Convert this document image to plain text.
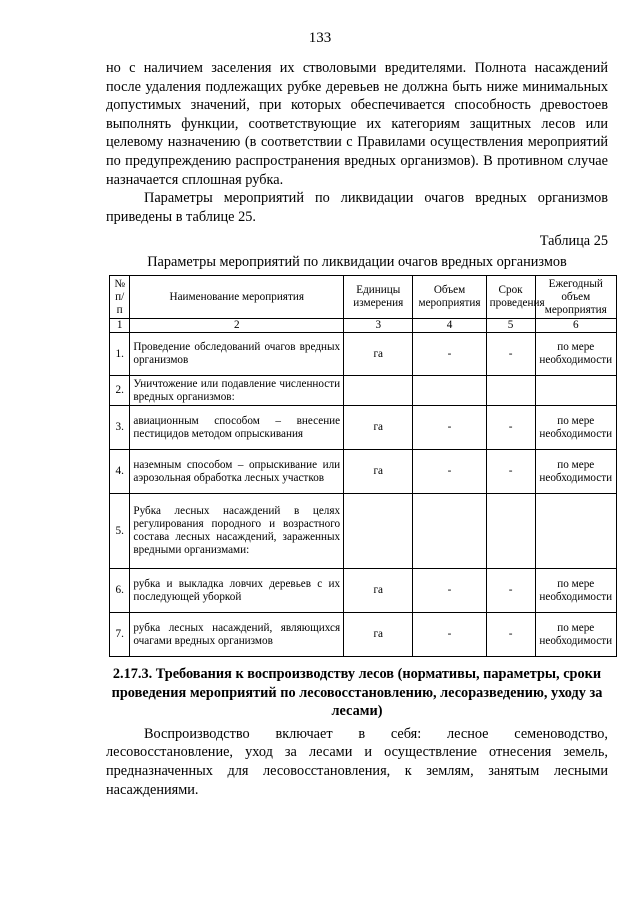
133

но с наличием заселения их стволовыми вредителями. Полнота насаждений после удаления подлежащих рубке деревьев не должна быть ниже минимальных допустимых значений, при которых обеспечивается способность древостоев выполнять функции, соответствующие их категориям защитных лесов или целевому назначению (в соответствии с Правилами осуществления мероприятий по предупреждению распространения вредных организмов). В противном случае назначается сплошная рубка.

Параметры мероприятий по ликвидации очагов вредных организмов приведены в таблице 25.

Таблица 25
Параметры мероприятий по ликвидации очагов вредных организмов
№ п/п	Наименование мероприятия	Единицы измерения	Объем мероприятия	Срок проведения	Ежегодный объем мероприятия
1	2	3	4	5	6
1.	Проведение обследований очагов вредных организмов	га	-	-	по мере необходимости
2.	Уничтожение или подавление численности вредных организмов:				
3.	авиационным способом – внесение пестицидов методом опрыскивания	га	-	-	по мере необходимости
4.	наземным способом – опрыскивание или аэрозольная обработка лесных участков	га	-	-	по мере необходимости
5.	Рубка лесных насаждений в целях регулирования породного и возрастного состава лесных насаждений, зараженных вредными организмами:				
6.	рубка и выкладка ловчих деревьев с их последующей уборкой	га	-	-	по мере необходимости
7.	рубка лесных насаждений, являющихся очагами вредных организмов	га	-	-	по мере необходимости
2.17.3. Требования к воспроизводству лесов (нормативы, параметры, сроки проведения мероприятий по лесовосстановлению, лесоразведению, уходу за лесами)

Воспроизводство включает в себя: лесное семеноводство, лесовосстановление, уход за лесами и осуществление отнесения земель, предназначенных для лесовосстановления, к землям, занятым лесными насаждениями.
